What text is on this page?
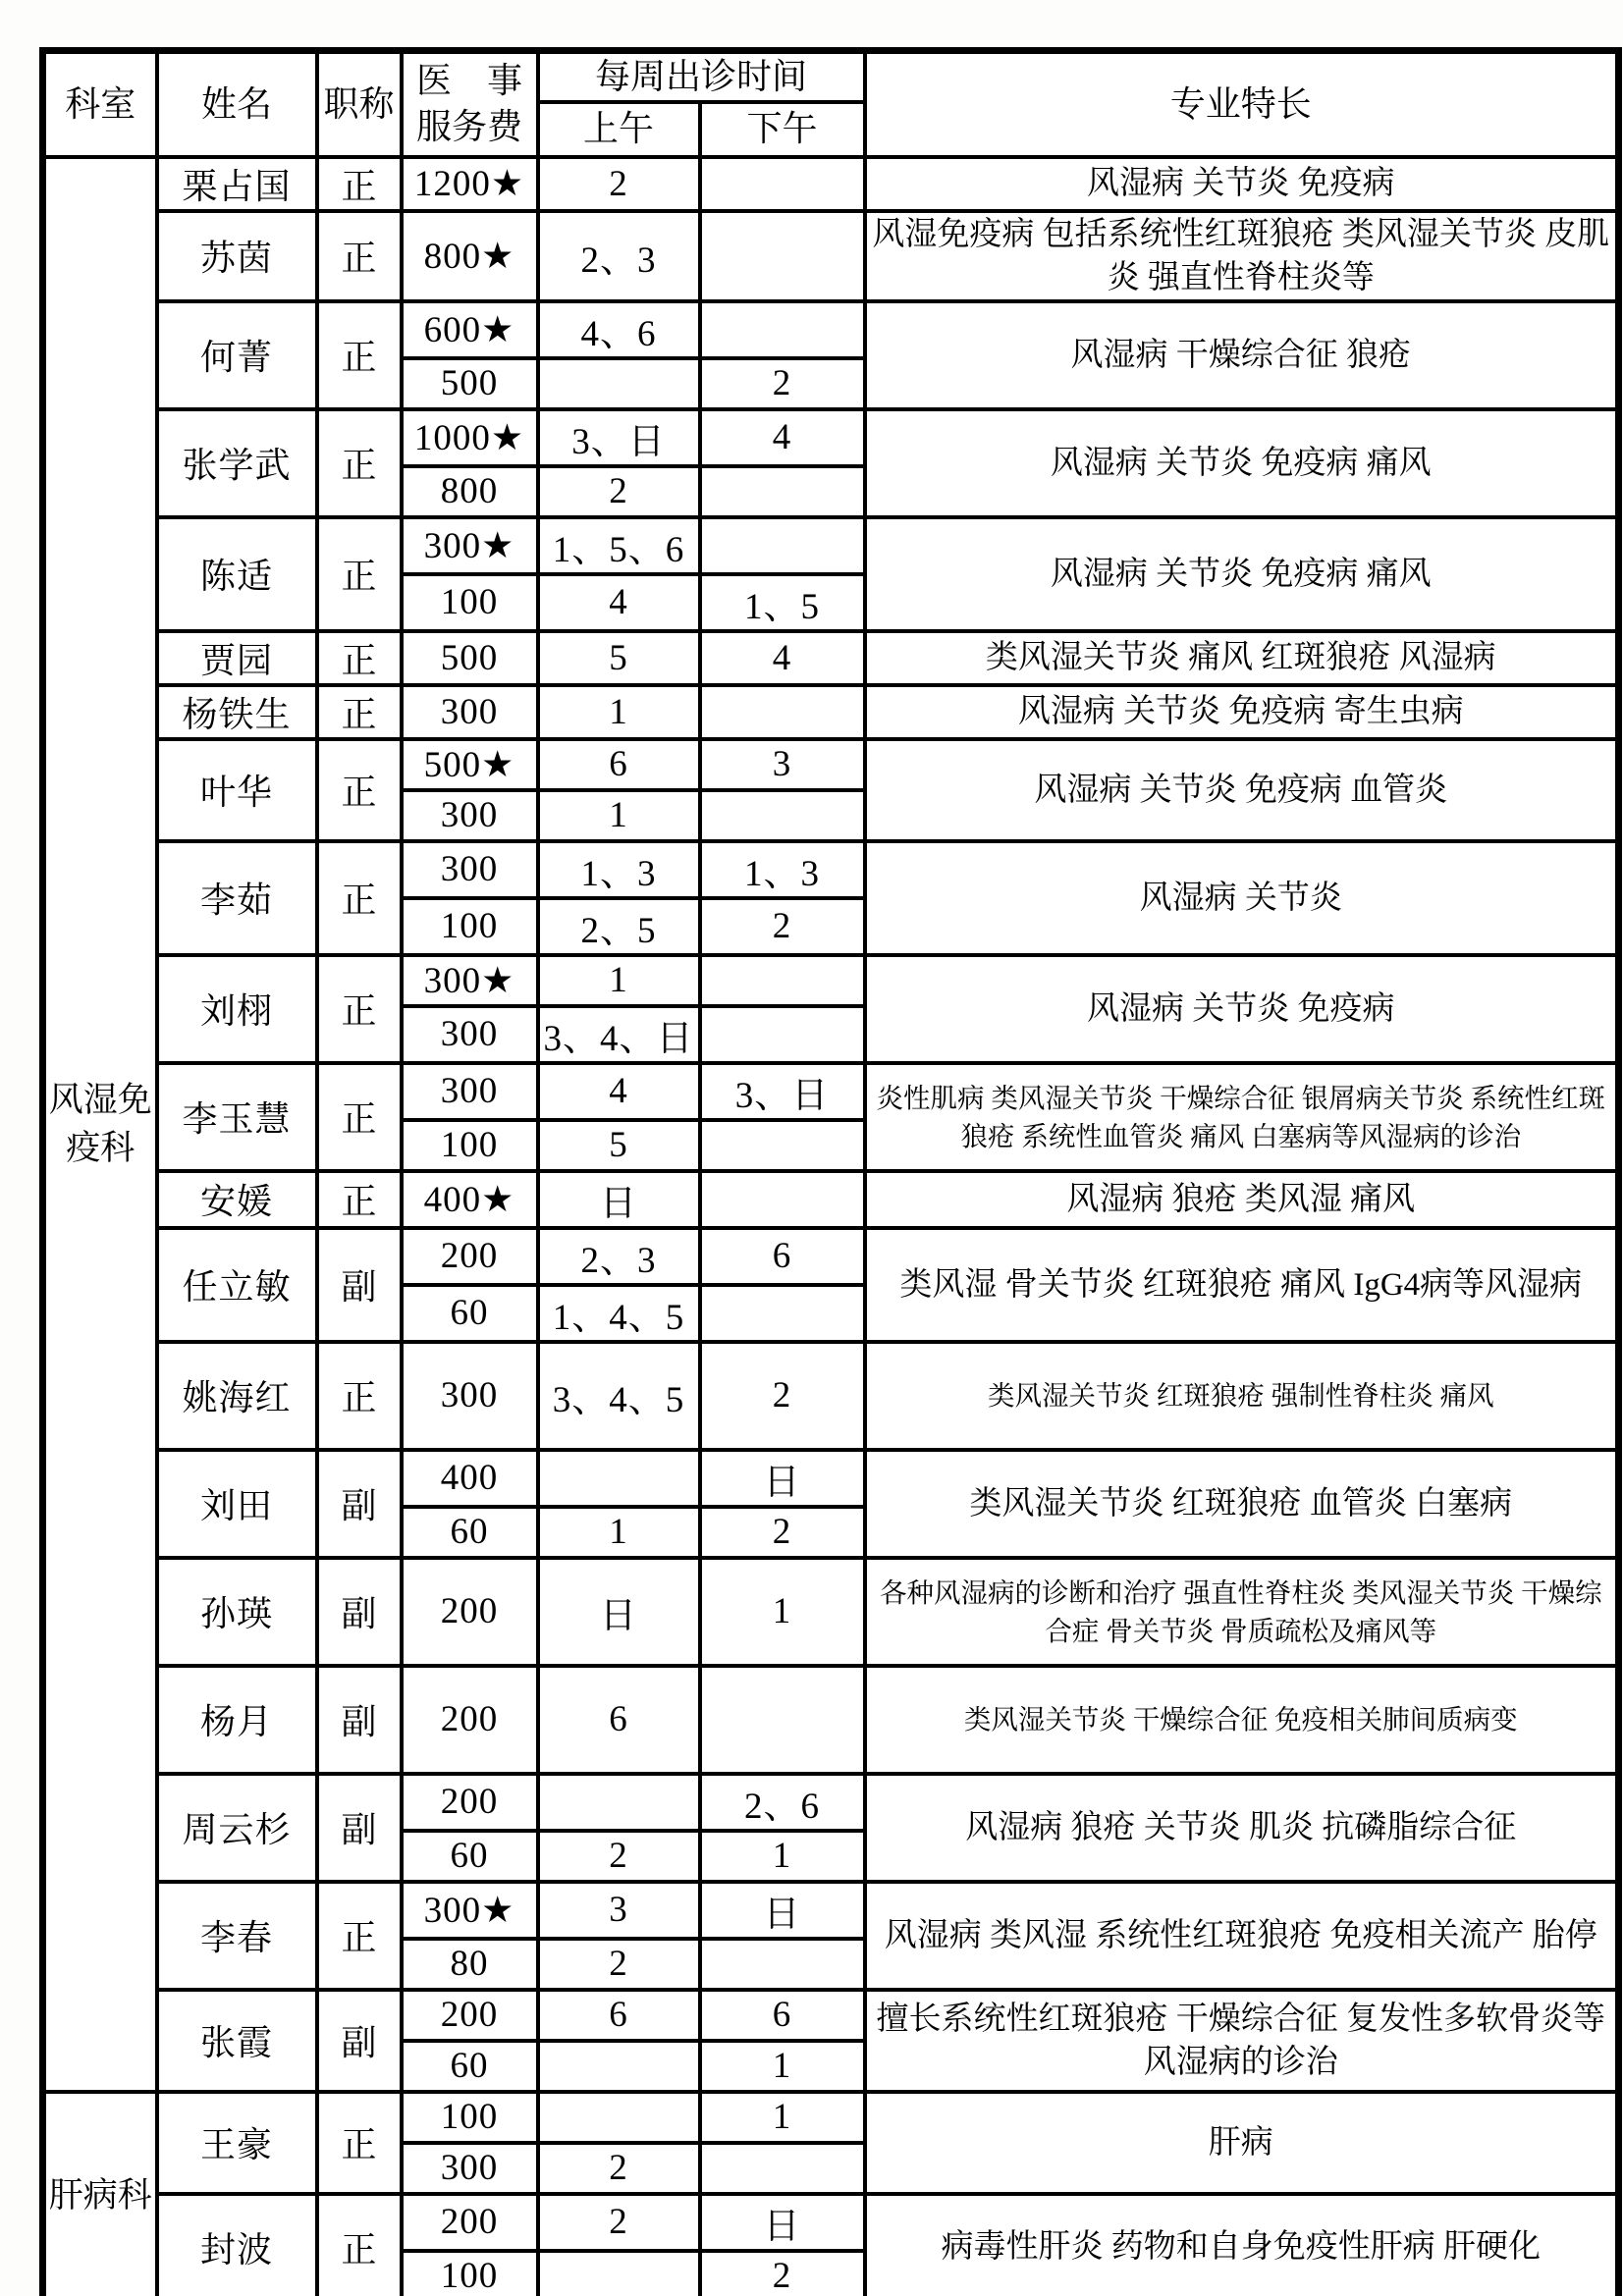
科室	姓名	职称	医　事
服务费	每周出诊时间		专业特长
				上午	下午	
风湿免疫科	栗占国	正	1200★	2		风湿病 关节炎 免疫病
	苏茵	正	800★	2、3		风湿免疫病 包括系统性红斑狼疮 类风湿关节炎 皮肌炎 强直性脊柱炎等
	何菁	正	600★	4、6		风湿病 干燥综合征 狼疮
			500		2	
	张学武	正	1000★	3、日	4	风湿病 关节炎 免疫病 痛风
			800	2		
	陈适	正	300★	1、5、6		风湿病 关节炎 免疫病 痛风
			100	4	1、5	
	贾园	正	500	5	4	类风湿关节炎 痛风 红斑狼疮 风湿病
	杨铁生	正	300	1		风湿病 关节炎 免疫病 寄生虫病
	叶华	正	500★	6	3	风湿病 关节炎 免疫病 血管炎
			300	1		
	李茹	正	300	1、3	1、3	风湿病 关节炎
			100	2、5	2	
	刘栩	正	300★	1		风湿病 关节炎 免疫病
			300	3、4、日		
	李玉慧	正	300	4	3、日	炎性肌病 类风湿关节炎 干燥综合征 银屑病关节炎 系统性红斑狼疮 系统性血管炎 痛风 白塞病等风湿病的诊治
			100	5		
	安媛	正	400★	日		风湿病 狼疮 类风湿 痛风
	任立敏	副	200	2、3	6	类风湿 骨关节炎 红斑狼疮 痛风 IgG4病等风湿病
			60	1、4、5		
	姚海红	正	300	3、4、5	2	类风湿关节炎 红斑狼疮 强制性脊柱炎 痛风
	刘田	副	400		日	类风湿关节炎 红斑狼疮 血管炎 白塞病
			60	1	2	
	孙瑛	副	200	日	1	各种风湿病的诊断和治疗 强直性脊柱炎 类风湿关节炎 干燥综合症 骨关节炎 骨质疏松及痛风等
	杨月	副	200	6		类风湿关节炎 干燥综合征 免疫相关肺间质病变
	周云杉	副	200		2、6	风湿病 狼疮 关节炎 肌炎 抗磷脂综合征
			60	2	1	
	李春	正	300★	3	日	风湿病 类风湿 系统性红斑狼疮 免疫相关流产 胎停
			80	2		
	张霞	副	200	6	6	擅长系统性红斑狼疮 干燥综合征 复发性多软骨炎等风湿病的诊治
			60		1	
肝病科	王豪	正	100		1	肝病
			300	2		
	封波	正	200	2	日	病毒性肝炎 药物和自身免疫性肝病 肝硬化
			100		2	
